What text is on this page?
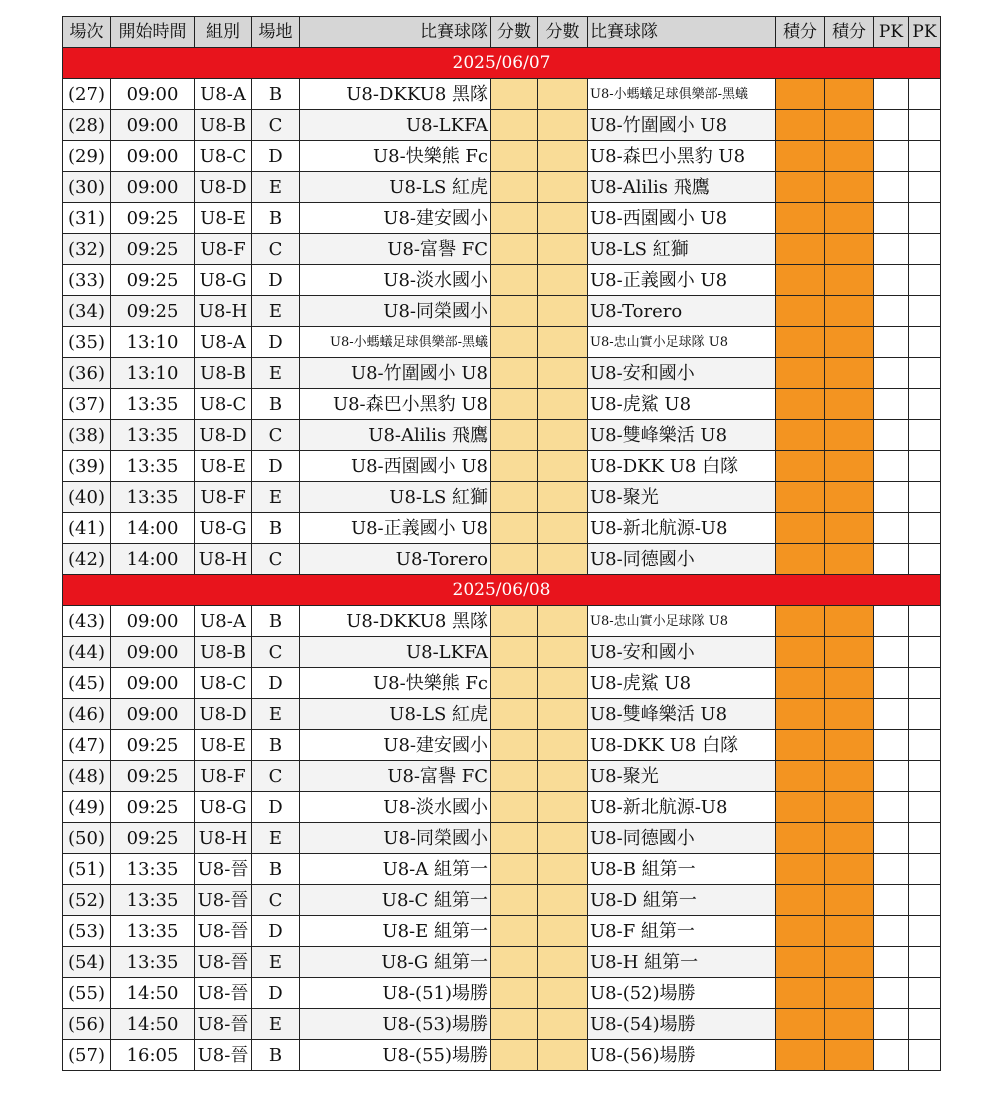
場次	開始時間	組別	場地	比賽球隊	分數	分數	比賽球隊	積分	積分	PK	PK
2025/06/07											
(27)	09:00	U8-A	B	U8-DKKU8 黑隊			U8-小螞蟻足球俱樂部-黑蟻				
(28)	09:00	U8-B	C	U8-LKFA			U8-竹圍國小 U8				
(29)	09:00	U8-C	D	U8-快樂熊 Fc			U8-森巴小黑豹 U8				
(30)	09:00	U8-D	E	U8-LS 紅虎			U8-Alilis 飛鷹				
(31)	09:25	U8-E	B	U8-建安國小			U8-西園國小 U8				
(32)	09:25	U8-F	C	U8-富譽 FC			U8-LS 紅獅				
(33)	09:25	U8-G	D	U8-淡水國小			U8-正義國小 U8				
(34)	09:25	U8-H	E	U8-同榮國小			U8-Torero				
(35)	13:10	U8-A	D	U8-小螞蟻足球俱樂部-黑蟻			U8-忠山實小足球隊 U8				
(36)	13:10	U8-B	E	U8-竹圍國小 U8			U8-安和國小				
(37)	13:35	U8-C	B	U8-森巴小黑豹 U8			U8-虎鯊 U8				
(38)	13:35	U8-D	C	U8-Alilis 飛鷹			U8-雙峰樂活 U8				
(39)	13:35	U8-E	D	U8-西園國小 U8			U8-DKK U8 白隊				
(40)	13:35	U8-F	E	U8-LS 紅獅			U8-聚光				
(41)	14:00	U8-G	B	U8-正義國小 U8			U8-新北航源-U8				
(42)	14:00	U8-H	C	U8-Torero			U8-同德國小				
2025/06/08											
(43)	09:00	U8-A	B	U8-DKKU8 黑隊			U8-忠山實小足球隊 U8				
(44)	09:00	U8-B	C	U8-LKFA			U8-安和國小				
(45)	09:00	U8-C	D	U8-快樂熊 Fc			U8-虎鯊 U8				
(46)	09:00	U8-D	E	U8-LS 紅虎			U8-雙峰樂活 U8				
(47)	09:25	U8-E	B	U8-建安國小			U8-DKK U8 白隊				
(48)	09:25	U8-F	C	U8-富譽 FC			U8-聚光				
(49)	09:25	U8-G	D	U8-淡水國小			U8-新北航源-U8				
(50)	09:25	U8-H	E	U8-同榮國小			U8-同德國小				
(51)	13:35	U8-晉	B	U8-A 組第一			U8-B 組第一				
(52)	13:35	U8-晉	C	U8-C 組第一			U8-D 組第一				
(53)	13:35	U8-晉	D	U8-E 組第一			U8-F 組第一				
(54)	13:35	U8-晉	E	U8-G 組第一			U8-H 組第一				
(55)	14:50	U8-晉	D	U8-(51)場勝			U8-(52)場勝				
(56)	14:50	U8-晉	E	U8-(53)場勝			U8-(54)場勝				
(57)	16:05	U8-晉	B	U8-(55)場勝			U8-(56)場勝				
